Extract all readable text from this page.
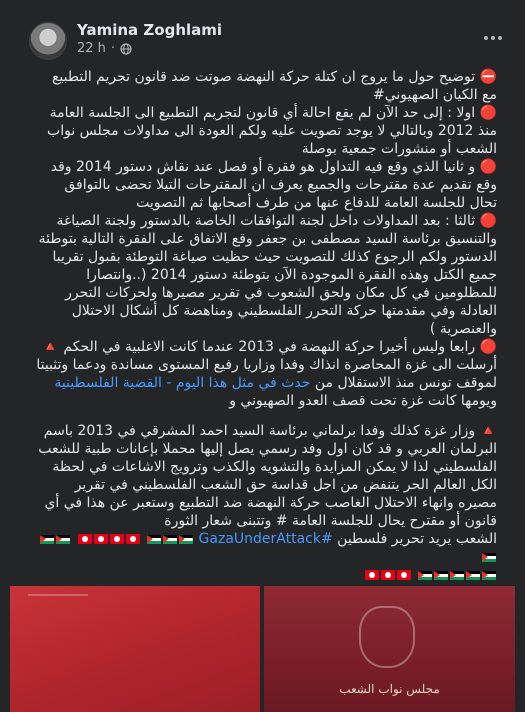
Yamina Zoghlami
22 h ·

⛔ توضيح حول ما يروج ان كتلة حركة النهضة صوتت ضد قانون تجريم التطبيع مع الكيان الصهيوني#

🔴 اولا : إلى حد الآن لم يقع احالة أي قانون لتجريم التطبيع الى الجلسة العامة منذ 2012 وبالتالي لا يوجد تصويت عليه ولكم العودة الى مداولات مجلس نواب الشعب أو منشورات جمعية بوصلة

🔴 و ثانيا الذي وقع فيه التداول هو فقرة أو فصل عند نقاش دستور 2014 وقد وقع تقديم عدة مقترحات والجميع يعرف ان المقترحات التيلا تحضى بالتوافق تحال للجلسة العامة للدفاع عنها من طرف أصحابها ثم التصويت

🔴 ثالثا : بعد المداولات داخل لجنة التوافقات الخاصة بالدستور ولجنة الصياغة والتنسيق برئاسة السيد مصطفى بن جعفر وقع الاتفاق على الفقرة التالية بتوطئة الدستور ولكم الرجوع كذلك للتصويت حيث حظيت صياغة التوطئة بقبول تقريبا جميع الكتل وهذه الفقرة الموجودة الآن بتوطئة دستور 2014 (..وانتصارا للمظلومين في كل مكان ولحق الشعوب في تقرير مصيرها ولحركات التحرر العادلة وفي مقدمتها حركة التحرر الفلسطيني ومناهضة كل أشكال الاحتلال والعنصرية )

🔴 رابعا وليس أخيرا حركة النهضة في 2013 عندما كانت الاغلبية في الحكم 🔺 أرسلت الى غزة المحاصرة انذاك وفدا وزاريا رفيع المستوى مساندة ودعما وتثبيتا لموقف تونس منذ الاستقلال من حدث في مثل هذا اليوم - القضية الفلسطينية ويومها كانت غزة تحت قصف العدو الصهيوني و

🔺 وزار غزة كذلك وفدا برلماني برئاسة السيد احمد المشرقي في 2013 باسم البرلمان العربي و قد كان اول وفد رسمي يصل إليها محملا بإعانات طبية للشعب الفلسطيني لذا لا يمكن المزايدة والتشويه والكذب وترويج الاشاعات في لحظة الكل العالم الحر يتنفض من اجل قداسة حق الشعب الفلسطيني في تقرير مصيره وانهاء الاحتلال الغاصب حركة النهضة ضد التطبيع وستعبر عن هذا في أي قانون أو مقترح يحال للجلسة العامة # وتتبنى شعار الثورة

الشعب يريد تحرير فلسطين #GazaUnderAttack

مجلس نواب الشعب
